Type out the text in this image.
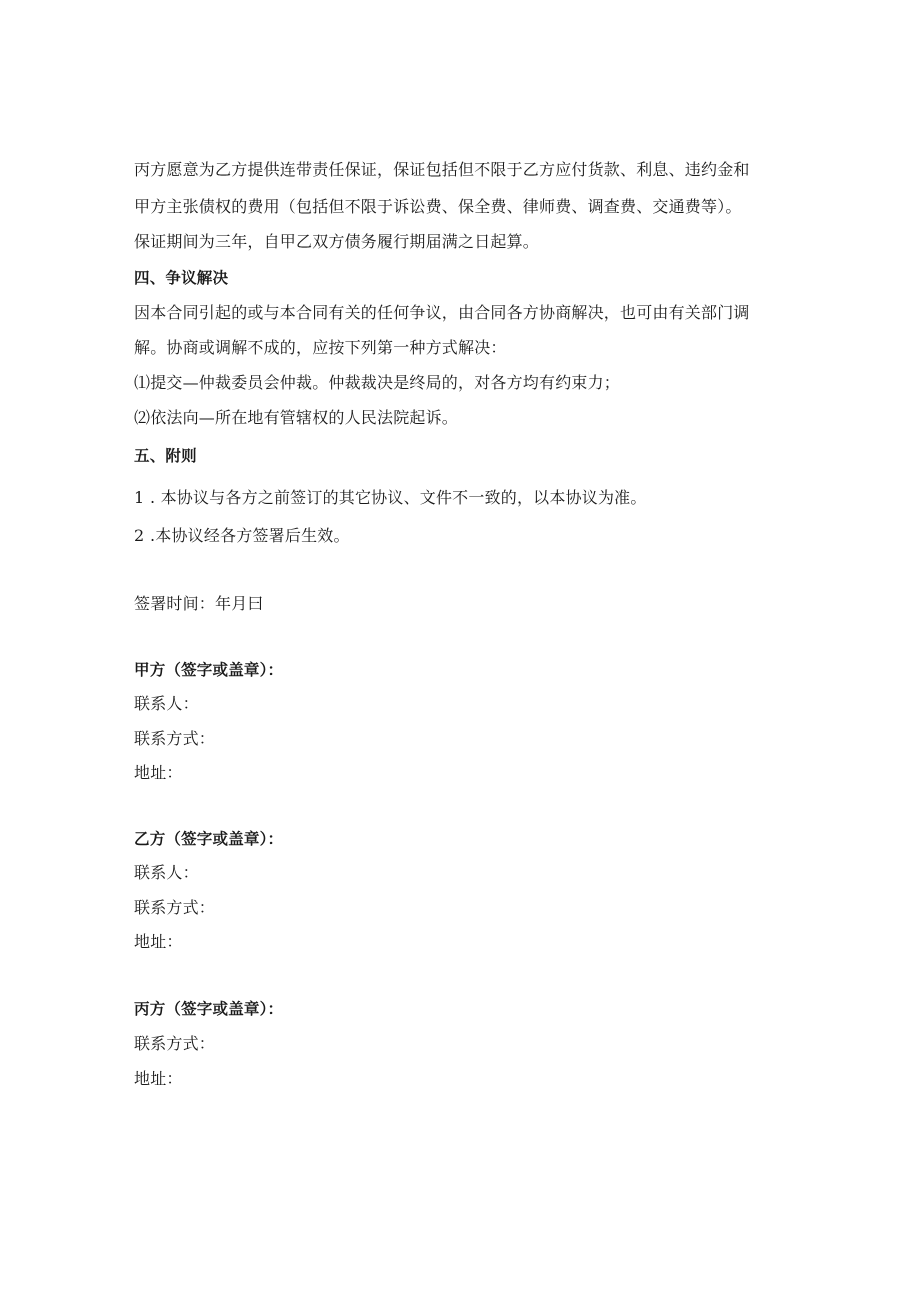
丙方愿意为乙方提供连带责任保证，保证包括但不限于乙方应付货款、利息、违约金和
甲方主张债权的费用（包括但不限于诉讼费、保全费、律师费、调查费、交通费等）。
保证期间为三年，自甲乙双方债务履行期届满之日起算。
四、争议解决
因本合同引起的或与本合同有关的任何争议，由合同各方协商解决，也可由有关部门调
解。协商或调解不成的，应按下列第一种方式解决：
⑴提交—仲裁委员会仲裁。仲裁裁决是终局的，对各方均有约束力；
⑵依法向—所在地有管辖权的人民法院起诉。
五、附则
1 . 本协议与各方之前签订的其它协议、文件不一致的，以本协议为准。
2 .本协议经各方签署后生效。
签署时间：年月曰
甲方（签字或盖章）：
联系人：
联系方式：
地址：
乙方（签字或盖章）：
联系人：
联系方式：
地址：
丙方（签字或盖章）：
联系方式：
地址：
